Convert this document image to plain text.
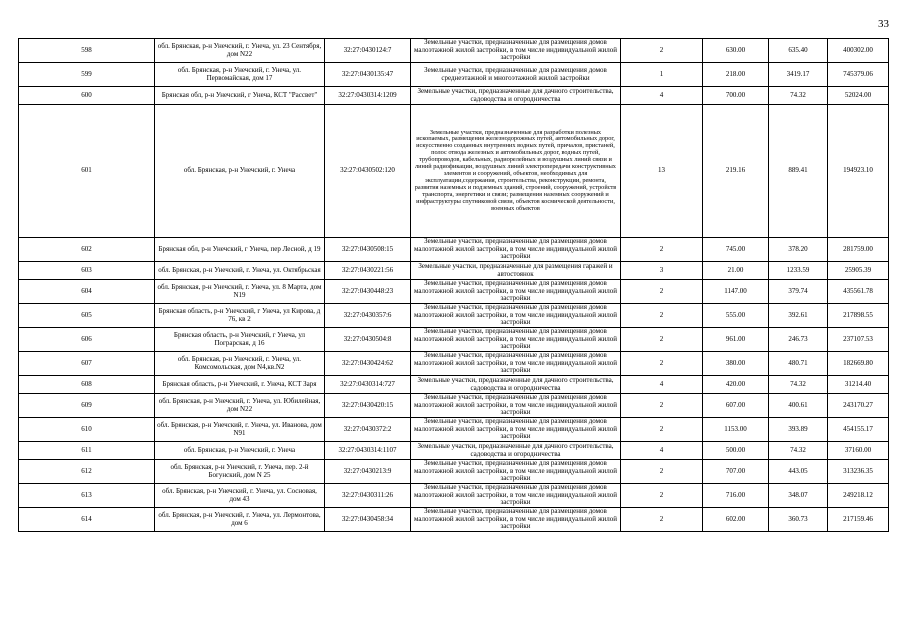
33
598	обл. Брянская, р-н Унечский, г. Унеча, ул. 23 Сентября, дом N22	32:27:0430124:7	Земельные участки, предназначенные для размещения домов малоэтажной жилой застройки, в том числе индивидуальной жилой застройки	2	630.00	635.40	400302.00
599	обл. Брянская, р-н Унечский, г. Унеча, ул. Первомайская, дом 17	32:27:0430135:47	Земельные участки, предназначенные для размещения домов среднеэтажной и многоэтажной жилой застройки	1	218.00	3419.17	745379.06
600	Брянская обл, р-н Унечский, г Унеча, КСТ "Рассвет"	32:27:0430314:1209	Земельные участки, предназначенные для дачного строительства, садоводства и огородничества	4	700.00	74.32	52024.00
601	обл. Брянская, р-н Унечский, г. Унеча	32:27:0430502:120	Земельные участки, предназначенные для разработки полезных ископаемых, размещения железнодорожных путей, автомобильных дорог, искусственно созданных внутренних водных путей, причалов, пристаней, полос отвода железных и автомобильных дорог, водных путей, трубопроводов, кабельных, радиорелейных и воздушных линий связи и линий радиофикации, воздушных линий электропередачи конструктивных элементов и сооружений, объектов, необходимых для эксплуатации,содержания, строительства, реконструкции, ремонта, развития наземных и подземных зданий, строений, сооружений, устройств транспорта, энергетики и связи; размещения наземных сооружений и инфраструктуры спутниковой связи, объектов космической деятельности, военных объектов	13	219.16	889.41	194923.10
602	Брянская обл, р-н Унечский, г Унеча, пер Лесной, д 19	32:27:0430508:15	Земельные участки, предназначенные для размещения домов малоэтажной жилой застройки, в том числе индивидуальной жилой застройки	2	745.00	378.20	281759.00
603	обл. Брянская, р-н Унечский, г. Унеча, ул. Октябрьская	32:27:0430221:56	Земельные участки, предназначенные для размещения гаражей и автостоянок	3	21.00	1233.59	25905.39
604	обл. Брянская, р-н Унечский, г. Унеча, ул. 8 Марта, дом N19	32:27:0430448:23	Земельные участки, предназначенные для размещения домов малоэтажной жилой застройки, в том числе индивидуальной жилой застройки	2	1147.00	379.74	435561.78
605	Брянская область, р-н Унечский, г Унеча, ул Кирова, д 76, кв 2	32:27:0430357:6	Земельные участки, предназначенные для размещения домов малоэтажной жилой застройки, в том числе индивидуальной жилой застройки	2	555.00	392.61	217898.55
606	Брянская область, р-н Унечский, г Унеча, ул Пограрская, д 16	32:27:0430504:8	Земельные участки, предназначенные для размещения домов малоэтажной жилой застройки, в том числе индивидуальной жилой застройки	2	961.00	246.73	237107.53
607	обл. Брянская, р-н Унечский, г. Унеча, ул. Комсомольская, дом N4,кв.N2	32:27:0430424:62	Земельные участки, предназначенные для размещения домов малоэтажной жилой застройки, в том числе индивидуальной жилой застройки	2	380.00	480.71	182669.80
608	Брянская область, р-н Унечский, г. Унеча, КСТ Заря	32:27:0430314:727	Земельные участки, предназначенные для дачного строительства, садоводства и огородничества	4	420.00	74.32	31214.40
609	обл. Брянская, р-н Унечский, г. Унеча, ул. Юбилейная, дом N22	32:27:0430420:15	Земельные участки, предназначенные для размещения домов малоэтажной жилой застройки, в том числе индивидуальной жилой застройки	2	607.00	400.61	243170.27
610	обл. Брянская, р-н Унечский, г. Унеча, ул. Иванова, дом N91	32:27:0430372:2	Земельные участки, предназначенные для размещения домов малоэтажной жилой застройки, в том числе индивидуальной жилой застройки	2	1153.00	393.89	454155.17
611	обл. Брянская, р-н Унечский, г. Унеча	32:27:0430314:1107	Земельные участки, предназначенные для дачного строительства, садоводства и огородничества	4	500.00	74.32	37160.00
612	обл. Брянская, р-н Унечский, г. Унеча, пер. 2-й Богунский, дом N 25	32:27:0430213:9	Земельные участки, предназначенные для размещения домов малоэтажной жилой застройки, в том числе индивидуальной жилой застройки	2	707.00	443.05	313236.35
613	обл. Брянская, р-н Унечский, г. Унеча, ул. Сосновая, дом 43	32:27:0430311:26	Земельные участки, предназначенные для размещения домов малоэтажной жилой застройки, в том числе индивидуальной жилой застройки	2	716.00	348.07	249218.12
614	обл. Брянская, р-н Унечский, г. Унеча, ул. Лермонтова, дом 6	32:27:0430458:34	Земельные участки, предназначенные для размещения домов малоэтажной жилой застройки, в том числе индивидуальной жилой застройки	2	602.00	360.73	217159.46
